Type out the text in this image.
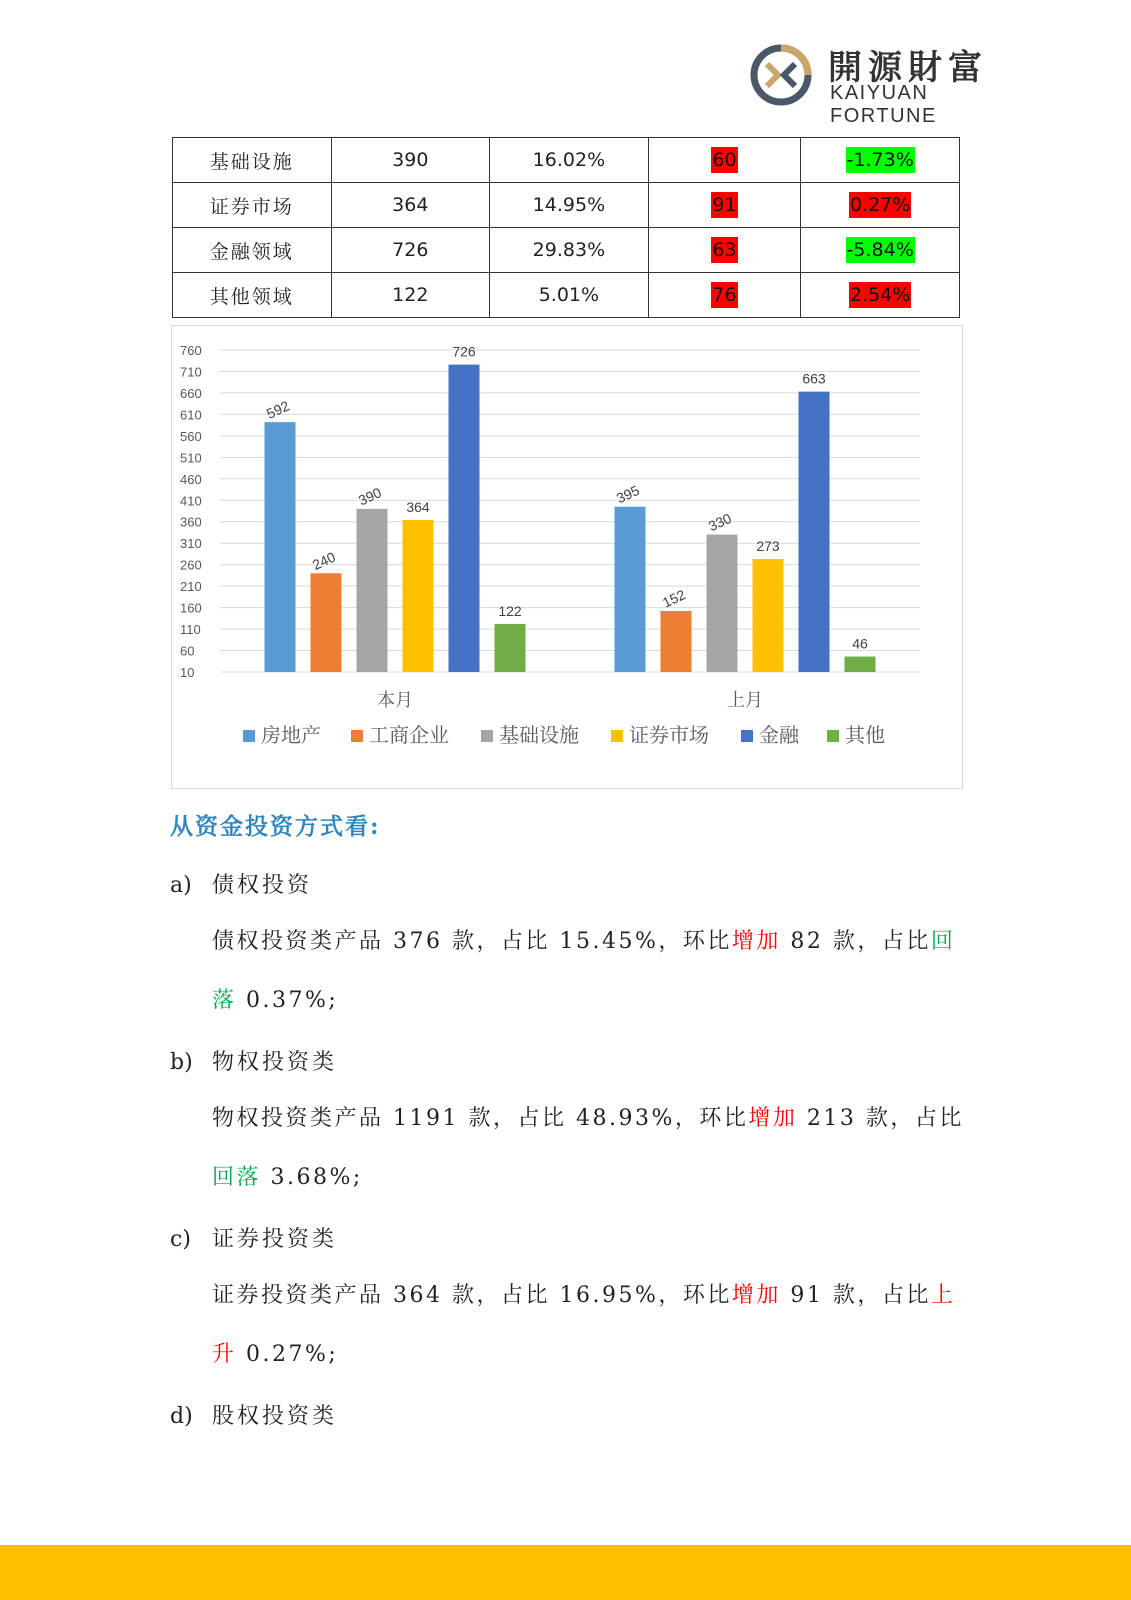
開源財富
KAIYUAN FORTUNE
基础设施	390	16.02%	60	-1.73%
证券市场	364	14.95%	91	0.27%
金融领域	726	29.83%	63	-5.84%
其他领域	122	5.01%	76	2.54%
10
60
110
160
210
260
310
360
410
460
510
560
610
660
710
760
592
240
390 364
726
122
本月
395
152
330
273
663
46
上月
房地产 工商企业	基础设施	证券市场	金融 其他
从资金投资方式看:
a) 债权投资
债权投资类产品 376 款，占比 15.45%，环比增加 82 款，占比回
落 0.37%;
b) 物权投资类
物权投资类产品 1191 款，占比 48.93%，环比增加 213 款，占比
回落 3.68%;
c) 证券投资类
证券投资类产品 364 款，占比 16.95%，环比增加 91 款，占比上
升 0.27%;
d) 股权投资类
